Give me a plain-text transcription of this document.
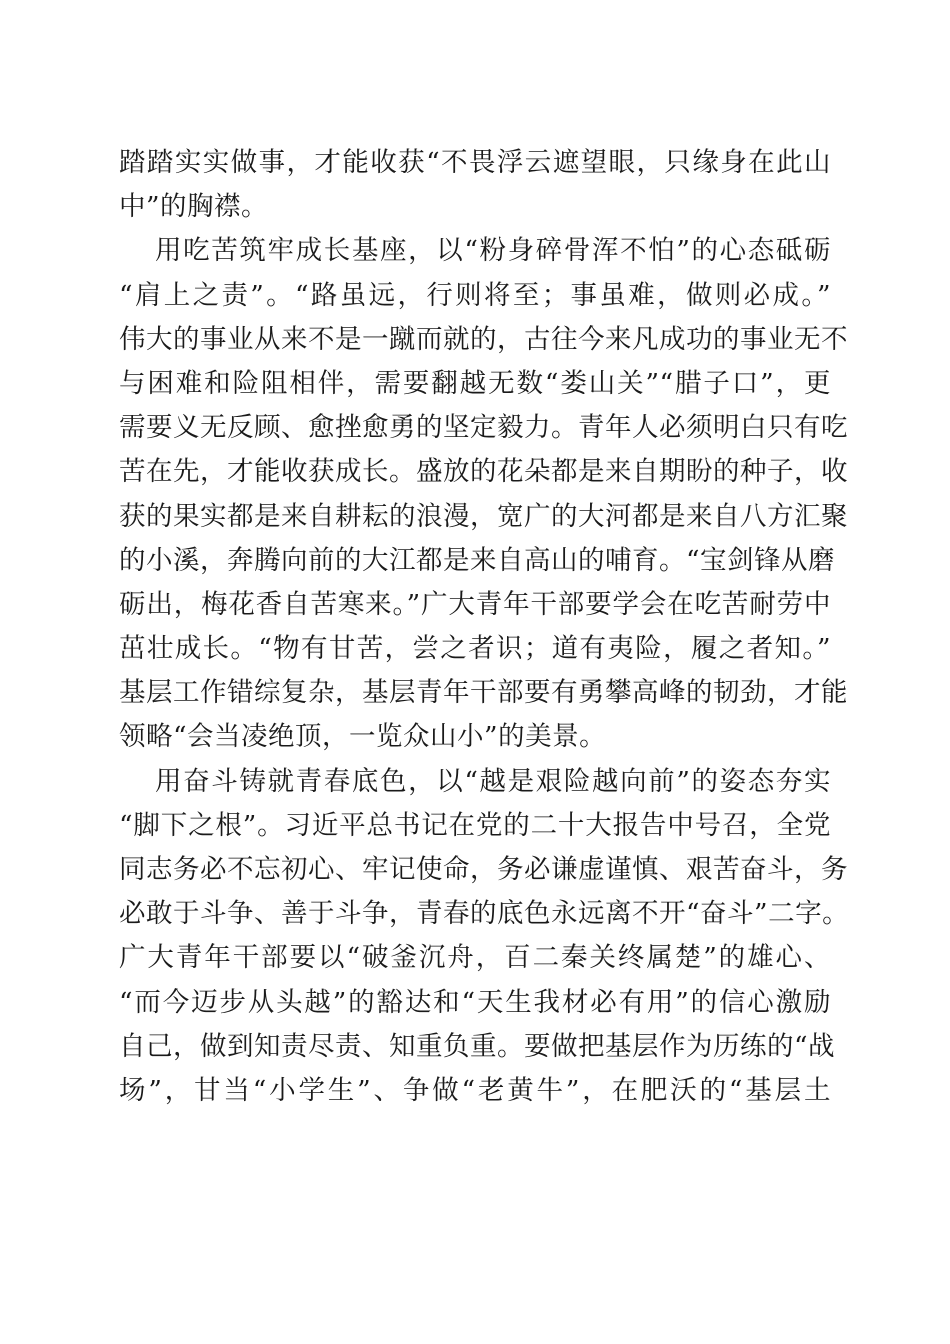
踏踏实实做事，才能收获“不畏浮云遮望眼，只缘身在此山
中”的胸襟。
用吃苦筑牢成长基座，以“粉身碎骨浑不怕”的心态砥砺
“肩上之责”。“路虽远，行则将至；事虽难，做则必成。”
伟大的事业从来不是一蹴而就的，古往今来凡成功的事业无不
与困难和险阻相伴，需要翻越无数“娄山关”“腊子口”，更
需要义无反顾、愈挫愈勇的坚定毅力。青年人必须明白只有吃
苦在先，才能收获成长。盛放的花朵都是来自期盼的种子，收
获的果实都是来自耕耘的浪漫，宽广的大河都是来自八方汇聚
的小溪，奔腾向前的大江都是来自高山的哺育。“宝剑锋从磨
砺出，梅花香自苦寒来。”广大青年干部要学会在吃苦耐劳中
茁壮成长。“物有甘苦，尝之者识；道有夷险，履之者知。”
基层工作错综复杂，基层青年干部要有勇攀高峰的韧劲，才能
领略“会当凌绝顶，一览众山小”的美景。
用奋斗铸就青春底色，以“越是艰险越向前”的姿态夯实
“脚下之根”。习近平总书记在党的二十大报告中号召，全党
同志务必不忘初心、牢记使命，务必谦虚谨慎、艰苦奋斗，务
必敢于斗争、善于斗争，青春的底色永远离不开“奋斗”二字。
广大青年干部要以“破釜沉舟，百二秦关终属楚”的雄心、
“而今迈步从头越”的豁达和“天生我材必有用”的信心激励
自己，做到知责尽责、知重负重。要做把基层作为历练的“战
场”，甘当“小学生”、争做“老黄牛”，在肥沃的“基层土
